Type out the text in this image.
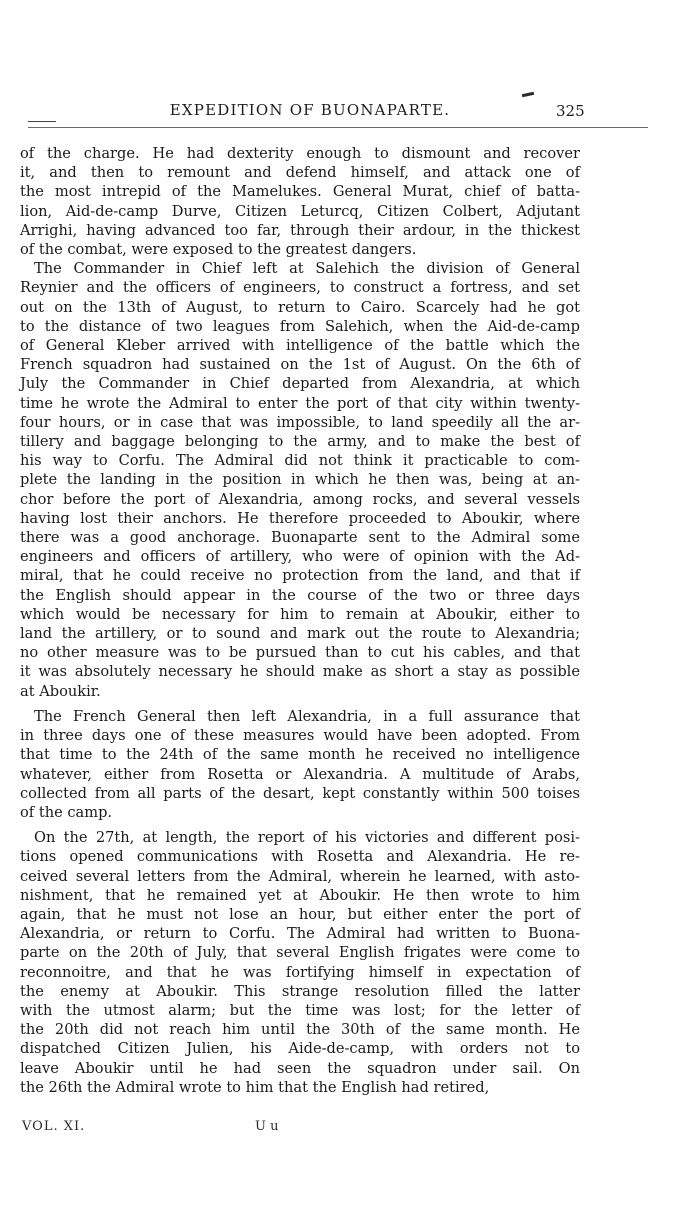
EXPEDITION OF BUONAPARTE.	325
of the charge. He had dexterity enough to dismount and recover
it, and then to remount and defend himself, and attack one of
the most intrepid of the Mamelukes. General Murat, chief of batta-
lion, Aid-de-camp Durve, Citizen Leturcq, Citizen Colbert, Adjutant
Arrighi, having advanced too far, through their ardour, in the thickest
of the combat, were exposed to the greatest dangers.
The Commander in Chief left at Salehich the division of General
Reynier and the officers of engineers, to construct a fortress, and set
out on the 13th of August, to return to Cairo. Scarcely had he got
to the distance of two leagues from Salehich, when the Aid-de-camp
of General Kleber arrived with intelligence of the battle which the
French squadron had sustained on the 1st of August. On the 6th of
July the Commander in Chief departed from Alexandria, at which
time he wrote the Admiral to enter the port of that city within twenty-
four hours, or in case that was impossible, to land speedily all the ar-
tillery and baggage belonging to the army, and to make the best of
his way to Corfu. The Admiral did not think it practicable to com-
plete the landing in the position in which he then was, being at an-
chor before the port of Alexandria, among rocks, and several vessels
having lost their anchors. He therefore proceeded to Aboukir, where
there was a good anchorage. Buonaparte sent to the Admiral some
engineers and officers of artillery, who were of opinion with the Ad-
miral, that he could receive no protection from the land, and that if
the English should appear in the course of the two or three days
which would be necessary for him to remain at Aboukir, either to
land the artillery, or to sound and mark out the route to Alexandria;
no other measure was to be pursued than to cut his cables, and that
it was absolutely necessary he should make as short a stay as possible
at Aboukir.
The French General then left Alexandria, in a full assurance that
in three days one of these measures would have been adopted. From
that time to the 24th of the same month he received no intelligence
whatever, either from Rosetta or Alexandria. A multitude of Arabs,
collected from all parts of the desart, kept constantly within 500 toises
of the camp.
On the 27th, at length, the report of his victories and different posi-
tions opened communications with Rosetta and Alexandria. He re-
ceived several letters from the Admiral, wherein he learned, with asto-
nishment, that he remained yet at Aboukir. He then wrote to him
again, that he must not lose an hour, but either enter the port of
Alexandria, or return to Corfu. The Admiral had written to Buona-
parte on the 20th of July, that several English frigates were come to
reconnoitre, and that he was fortifying himself in expectation of
the enemy at Aboukir. This strange resolution filled the latter
with the utmost alarm; but the time was lost; for the letter of
the 20th did not reach him until the 30th of the same month. He
dispatched Citizen Julien, his Aide-de-camp, with orders not to
leave Aboukir until he had seen the squadron under sail. On
the 26th the Admiral wrote to him that the English had retired,
VOL. XI.	U u
